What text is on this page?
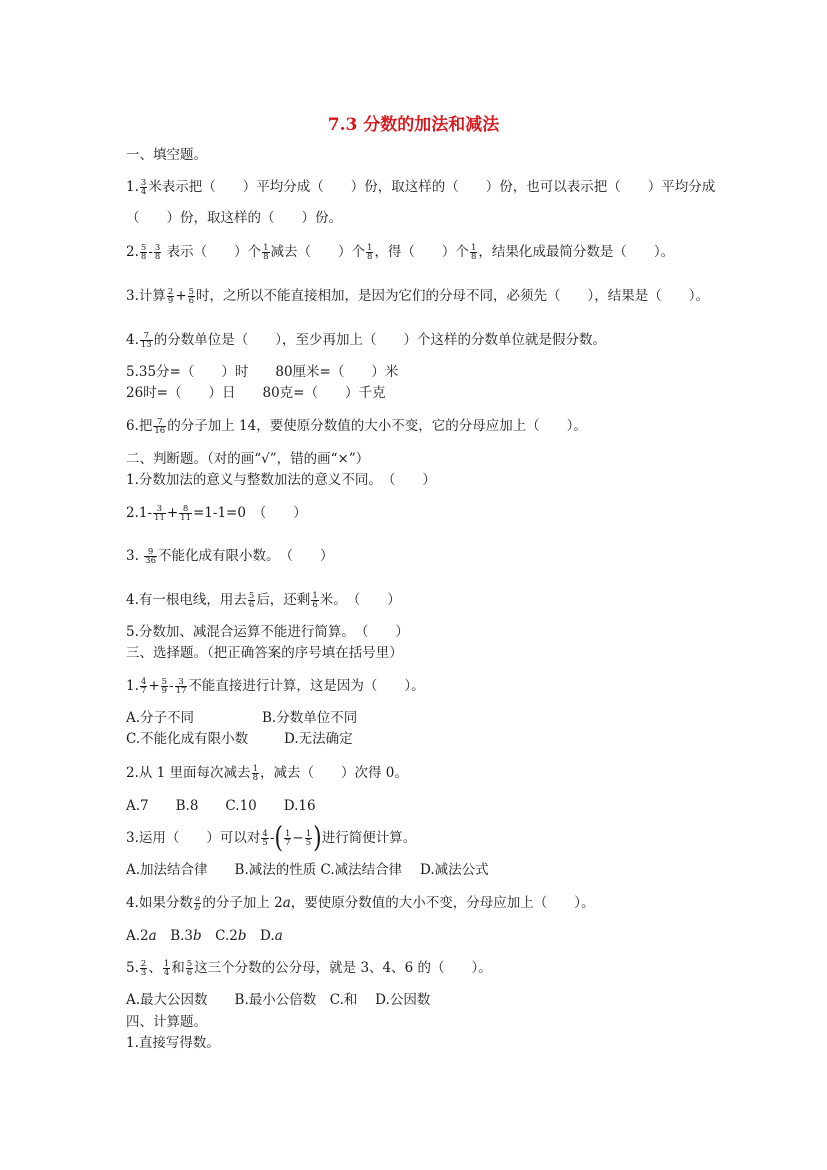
7.3 分数的加法和减法
一、填空题。
1. $\frac{3}{4}$ 米表示把（　　）平均分成（　　）份，取这样的（　　）份，也可以表示把（　　）平均分成
（　　）份，取这样的（　　）份。
2. $\frac{5}{8} - \frac{3}{8}$ 表示（　　）个 $\frac{1}{8}$ 减去（　　）个 $\frac{1}{8}$ ，得（　　）个 $\frac{1}{8}$ ，结果化成最简分数是（　　）。
3.计算 $\frac{2}{9} + \frac{5}{6}$ 时，之所以不能直接相加，是因为它们的分母不同，必须先（　　），结果是（　　）。
4. $\frac{7}{13}$ 的分数单位是（　　），至少再加上（　　）个这样的分数单位就是假分数。
5.35分=（　　）时　　80厘米=（　　）米
26时=（　　）日　　80克=（　　）千克
6.把 $\frac{7}{16}$ 的分子加上 14，要使原分数值的大小不变，它的分母应加上（　　）。
二、判断题。（对的画“√”，错的画“×”）
1.分数加法的意义与整数加法的意义不同。　（　　）
$2.1- \frac{3}{11} + \frac{8}{11} =1-1=0$　（　　）
3. $\frac{9}{36}$ 不能化成有限小数。　（　　）
4.有一根电线，用去 $\frac{5}{6}$ 后，还剩 $\frac{1}{6}$ 米。　（　　）
5.分数加、减混合运算不能进行简算。　（　　）
三、选择题。（把正确答案的序号填在括号里）
1. $\frac{4}{7} + \frac{5}{9} - \frac{3}{17}$ 不能直接进行计算，这是因为（　　）。
A.分子不同	B.分数单位不同
C.不能化成有限小数	D.无法确定
2.从 1 里面每次减去 $\frac{1}{8}$ ，减去（　　）次得 0。
A.7　　B.8　　C.10　　D.16
3.运用（　　）可以对 $\frac{4}{5}$ -( $\frac{1}{7} - \frac{1}{5}$ )进行简便计算。
A.加法结合律　　B.减法的性质 C.减法结合律　 D.减法公式
4.如果分数 $\frac{a}{b}$ 的分子加上 2a，要使原分数值的大小不变，分母应加上（　　）。
A.2a　B.3b　C.2b　D.a
5. $\frac{2}{3}$ 、 $\frac{1}{4}$ 和 $\frac{5}{6}$ 这三个分数的公分母，就是 3、4、6 的（　　）。
A.最大公因数　　B.最小公倍数　C.和　 D.公因数
四、计算题。
1.直接写得数。
